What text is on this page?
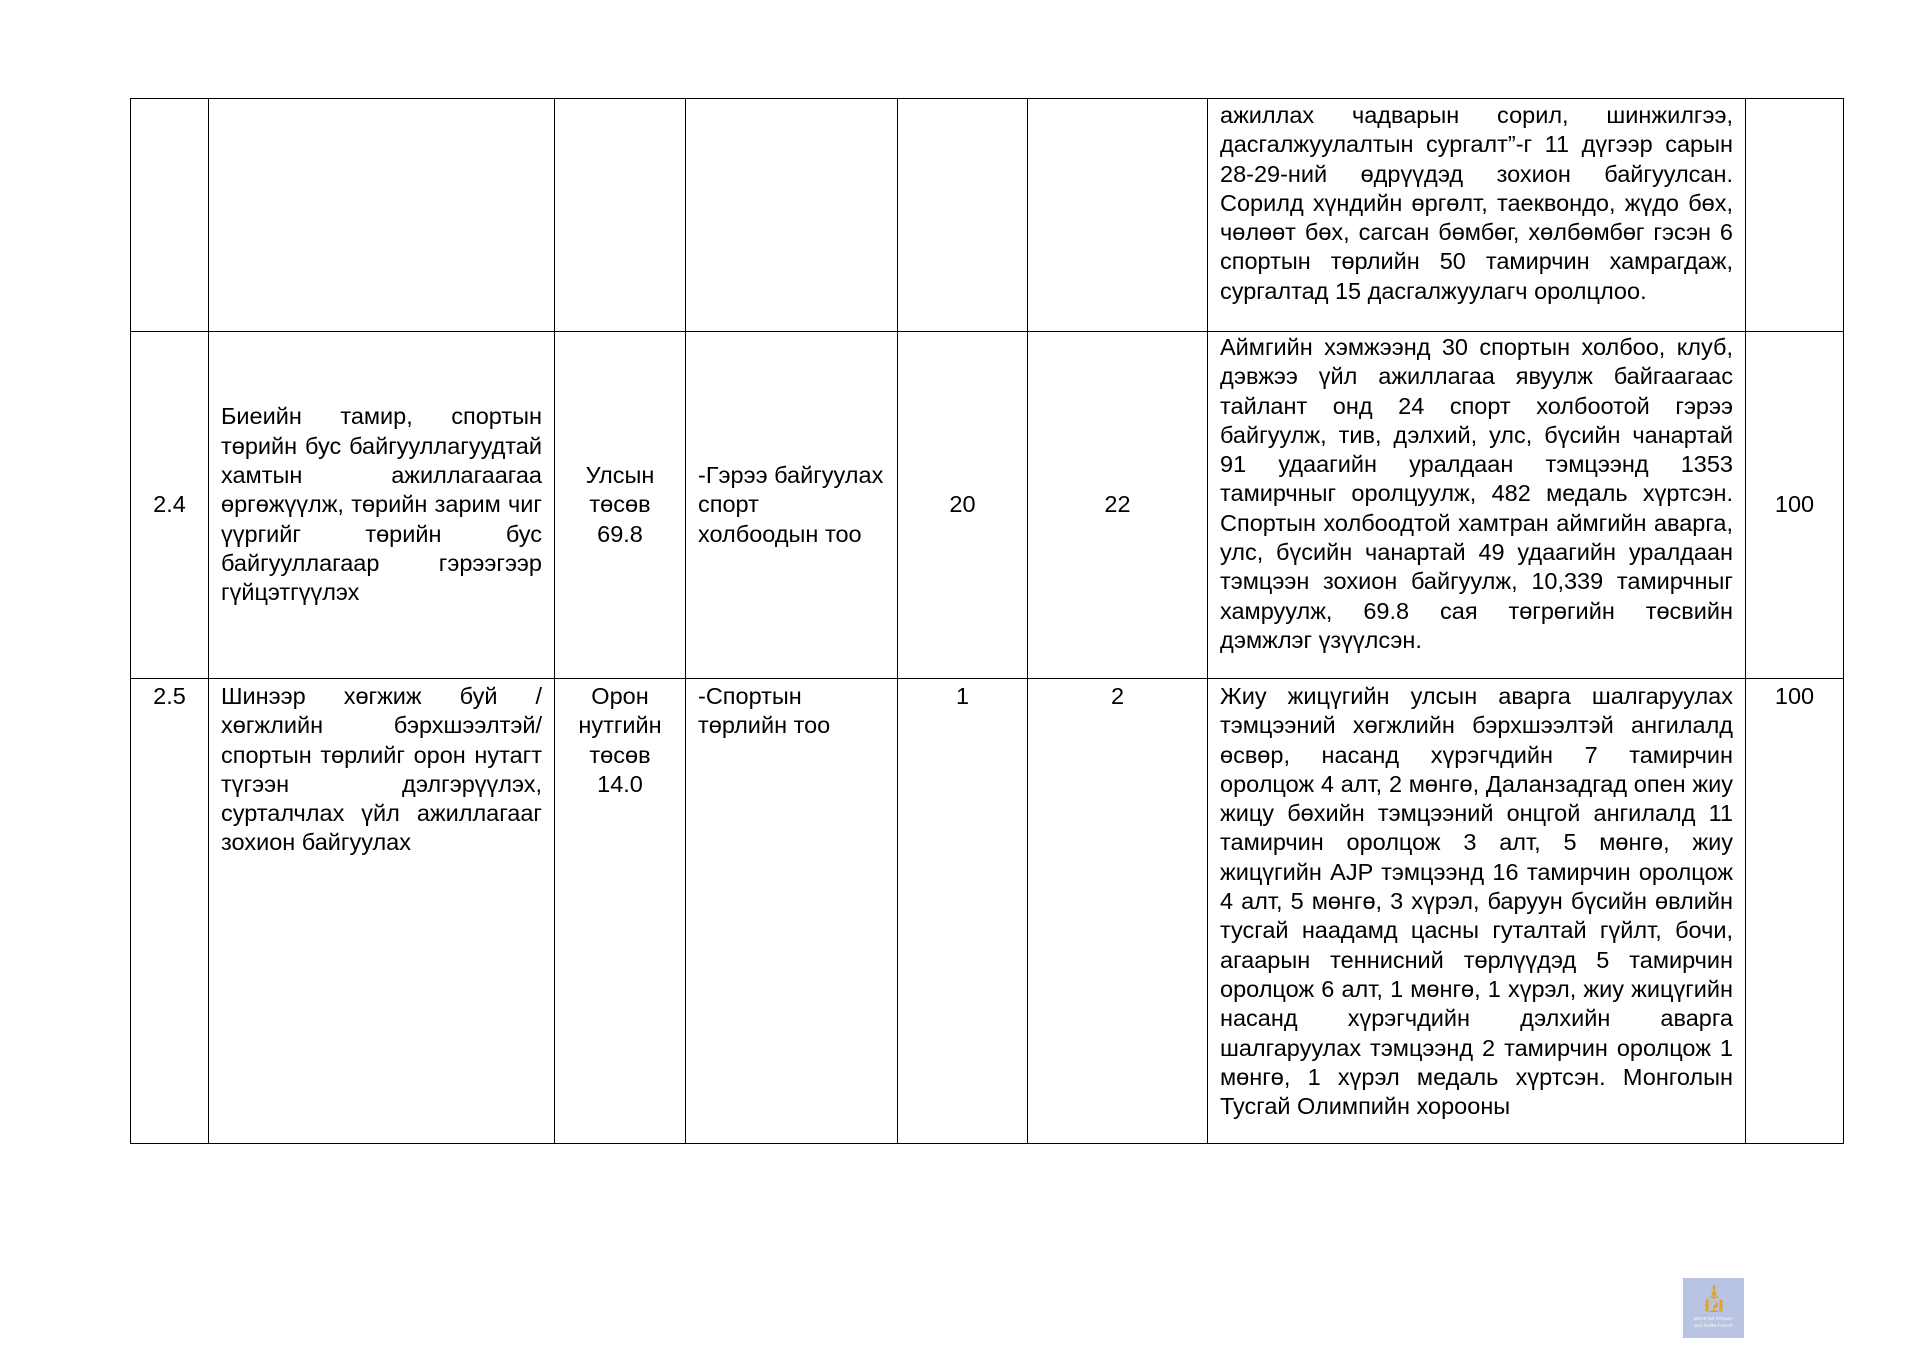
						ажиллах чадварын сорил, шинжилгээ, дасгалжуулалтын сургалт”-г 11 дүгээр сарын 28-29-ний өдрүүдэд зохион байгуулсан. Сорилд хүндийн өргөлт, таеквондо, жүдо бөх, чөлөөт бөх, сагсан бөмбөг, хөлбөмбөг гэсэн 6 спортын төрлийн 50 тамирчин хамрагдаж, сургалтад 15 дасгалжуулагч оролцлоо.	
2.4	Биеийн тамир, спортын төрийн бус байгууллагуудтай хамтын ажиллагаагаа өргөжүүлж, төрийн зарим чиг үүргийг төрийн бус байгууллагаар гэрээгээр гүйцэтгүүлэх	Улсын төсөв 69.8	-Гэрээ байгуулах спорт холбоодын тоо	20	22	Аймгийн хэмжээнд 30 спортын холбоо, клуб, дэвжээ үйл ажиллагаа явуулж байгаагаас тайлант онд 24 спорт холбоотой гэрээ байгуулж, тив, дэлхий, улс, бүсийн чанартай 91 удаагийн уралдаан тэмцээнд 1353 тамирчныг оролцуулж, 482 медаль хүртсэн. Спортын холбоодтой хамтран аймгийн аварга, улс, бүсийн чанартай 49 удаагийн уралдаан тэмцээн зохион байгуулж, 10,339 тамирчныг хамруулж, 69.8 сая төгрөгийн төсвийн дэмжлэг үзүүлсэн.	100
2.5	Шинээр хөгжиж буй /хөгжлийн бэрхшээлтэй/ спортын төрлийг орон нутагт түгээн дэлгэрүүлэх, сурталчлах үйл ажиллагааг зохион байгуулах	Орон нутгийн төсөв 14.0	-Спортын төрлийн тоо	1	2	Жиу жицүгийн улсын аварга шалгаруулах тэмцээний хөгжлийн бэрхшээлтэй ангилалд өсвөр, насанд хүрэгчдийн 7 тамирчин оролцож 4 алт, 2 мөнгө, Даланзадгад опен жиу жицу бөхийн тэмцээний онцгой ангилалд 11 тамирчин оролцож 3 алт, 5 мөнгө, жиу жицүгийн AJP тэмцээнд 16 тамирчин оролцож 4 алт, 5 мөнгө, 3 хүрэл, баруун бүсийн өвлийн тусгай наадамд цасны гуталтай гүйлт, бочи, агаарын теннисний төрлүүдэд 5 тамирчин оролцож 6 алт, 1 мөнгө, 1 хүрэл, жиу жицүгийн насанд хүрэгчдийн дэлхийн аварга шалгаруулах тэмцээнд 2 тамирчин оролцож 1 мөнгө, 1 хүрэл медаль хүртсэн. Монголын Тусгай Олимпийн хорооны	100
МОНГОЛ УЛСЫН
ЗАСГИЙН ГАЗАР
